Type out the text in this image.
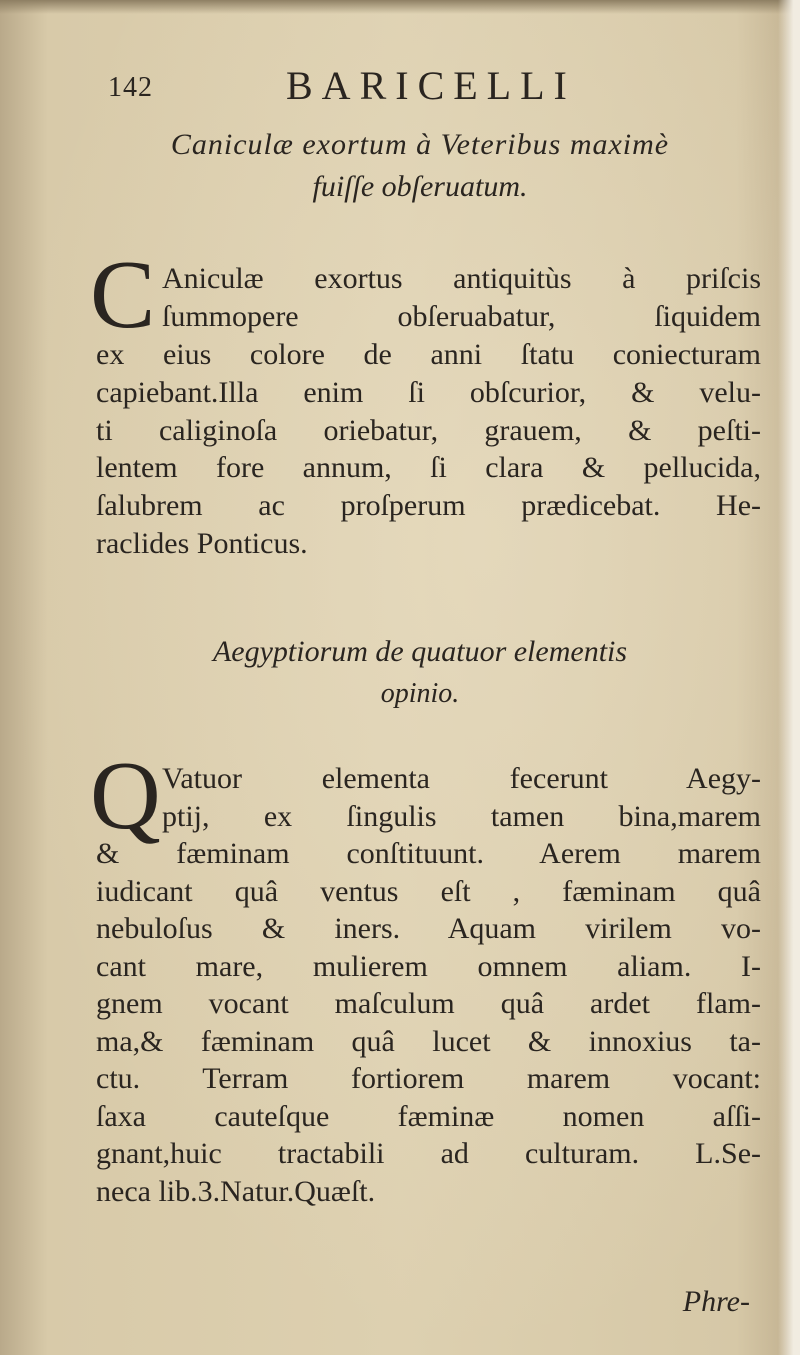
142	BARICELLI
Caniculæ exortum à Veteribus maximè
fuiſſe obſeruatum.
C Aniculæ exortus antiquitùs à priſcis
ſummopere obſeruabatur, ſiquidem
ex eius colore de anni ſtatu coniecturam
capiebant.Illa enim ſi obſcurior, & velu-
ti caliginoſa oriebatur, grauem, & peſti-
lentem fore annum, ſi clara & pellucida,
ſalubrem ac proſperum prædicebat. He-
raclides Ponticus.
Aegyptiorum de quatuor elementis
opinio.
Q Vatuor elementa fecerunt Aegy-
ptij, ex ſingulis tamen bina,marem
& fæminam conſtituunt. Aerem marem
iudicant quâ ventus eſt , fæminam quâ
nebuloſus & iners. Aquam virilem vo-
cant mare, mulierem omnem aliam. I-
gnem vocant maſculum quâ ardet flam-
ma,& fæminam quâ lucet & innoxius ta-
ctu. Terram fortiorem marem vocant:
ſaxa cauteſque fæminæ nomen aſſi-
gnant,huic tractabili ad culturam. L.Se-
neca lib.3.Natur.Quæſt.
Phre-
